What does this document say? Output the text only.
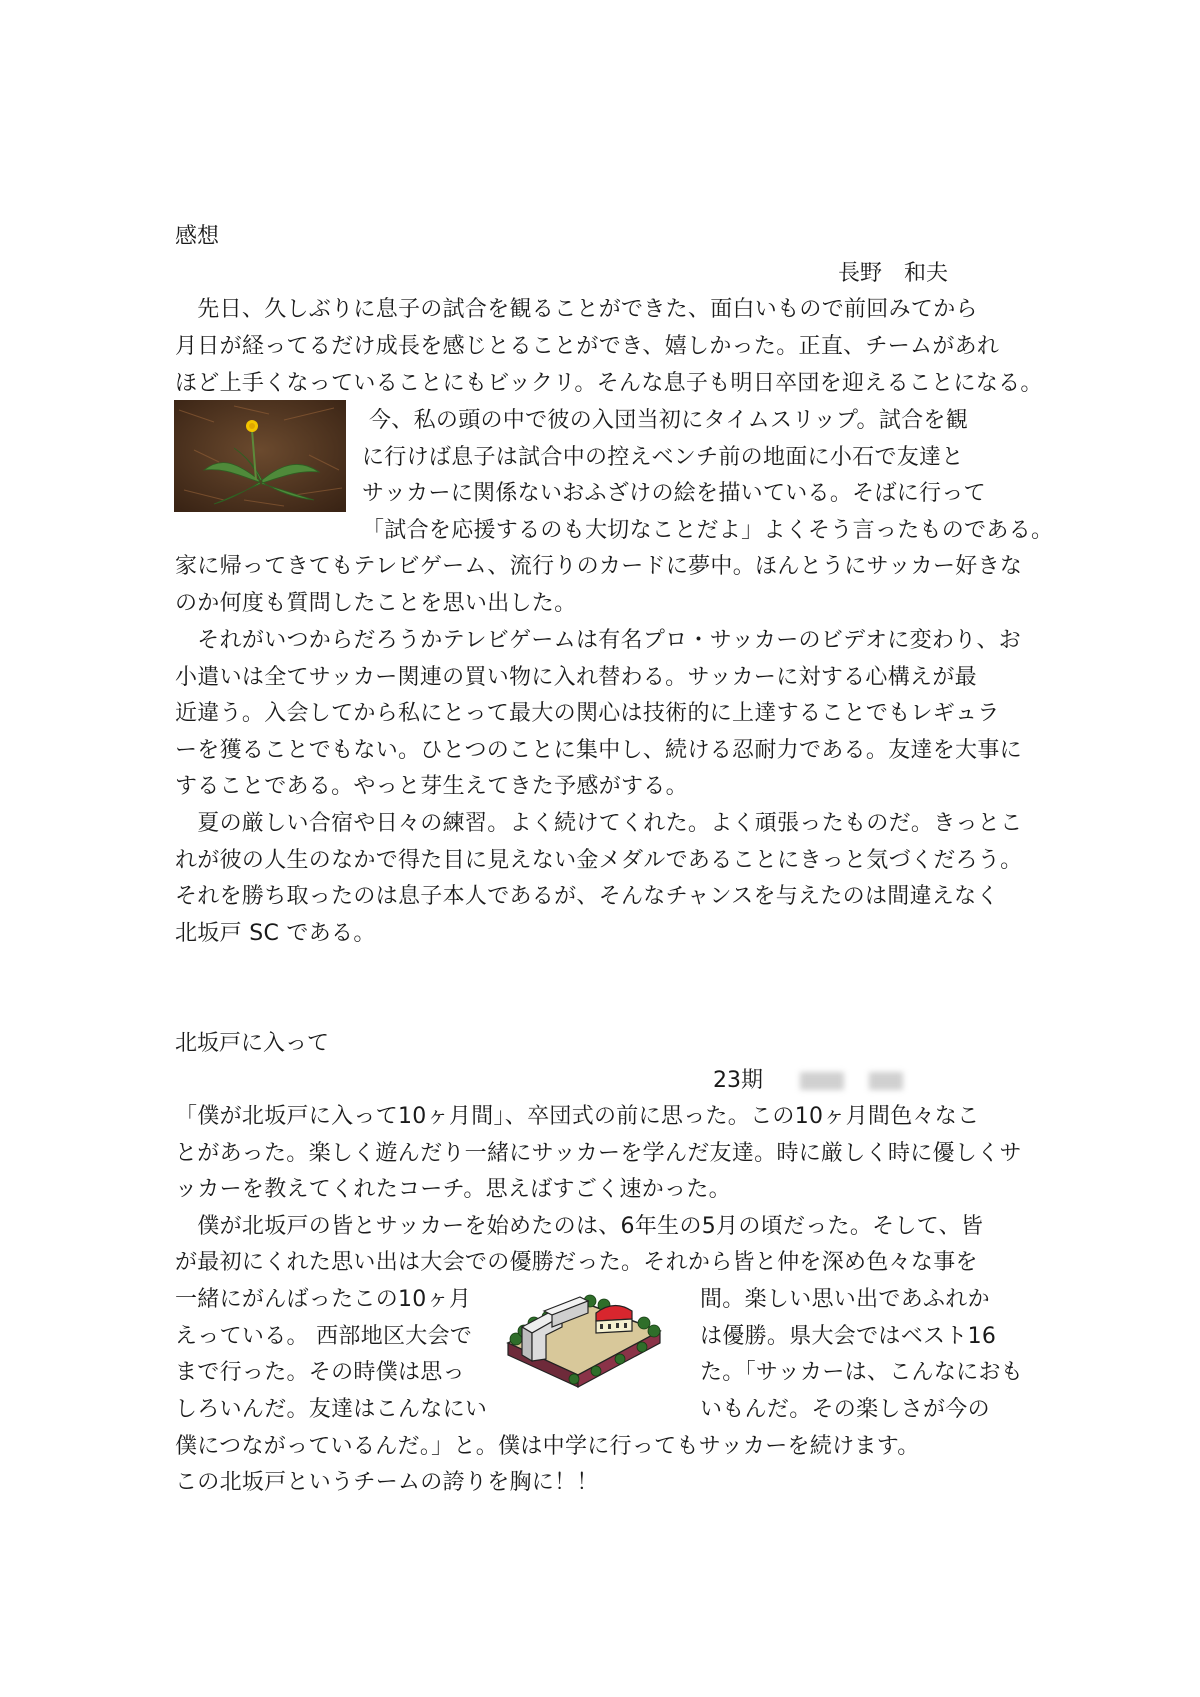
感想
長野　和夫
　先日、久しぶりに息子の試合を観ることができた、面白いもので前回みてから
月日が経ってるだけ成長を感じとることができ、嬉しかった。正直、チームがあれ
ほど上手くなっていることにもビックリ。そんな息子も明日卒団を迎えることになる。
今、私の頭の中で彼の入団当初にタイムスリップ。試合を観
に行けば息子は試合中の控えベンチ前の地面に小石で友達と
サッカーに関係ないおふざけの絵を描いている。そばに行って
「試合を応援するのも大切なことだよ」よくそう言ったものである。
家に帰ってきてもテレビゲーム、流行りのカードに夢中。ほんとうにサッカー好きな
のか何度も質問したことを思い出した。
　それがいつからだろうかテレビゲームは有名プロ・サッカーのビデオに変わり、お
小遣いは全てサッカー関連の買い物に入れ替わる。サッカーに対する心構えが最
近違う。入会してから私にとって最大の関心は技術的に上達することでもレギュラ
ーを獲ることでもない。ひとつのことに集中し、続ける忍耐力である。友達を大事に
することである。やっと芽生えてきた予感がする。
　夏の厳しい合宿や日々の練習。よく続けてくれた。よく頑張ったものだ。きっとこ
れが彼の人生のなかで得た目に見えない金メダルであることにきっと気づくだろう。
それを勝ち取ったのは息子本人であるが、そんなチャンスを与えたのは間違えなく
北坂戸 SC である。
北坂戸に入って
23期
「僕が北坂戸に入って10ヶ月間」、卒団式の前に思った。この10ヶ月間色々なこ
とがあった。楽しく遊んだり一緒にサッカーを学んだ友達。時に厳しく時に優しくサ
ッカーを教えてくれたコーチ。思えばすごく速かった。
　僕が北坂戸の皆とサッカーを始めたのは、6年生の5月の頃だった。そして、皆
が最初にくれた思い出は大会での優勝だった。それから皆と仲を深め色々な事を
一緒にがんばったこの10ヶ月
えっている。 西部地区大会で
まで行った。その時僕は思っ
しろいんだ。友達はこんなにい
間。楽しい思い出であふれか
は優勝。県大会ではベスト16
た。「サッカーは、こんなにおも
いもんだ。その楽しさが今の
僕につながっているんだ。」と。僕は中学に行ってもサッカーを続けます。
この北坂戸というチームの誇りを胸に！！
